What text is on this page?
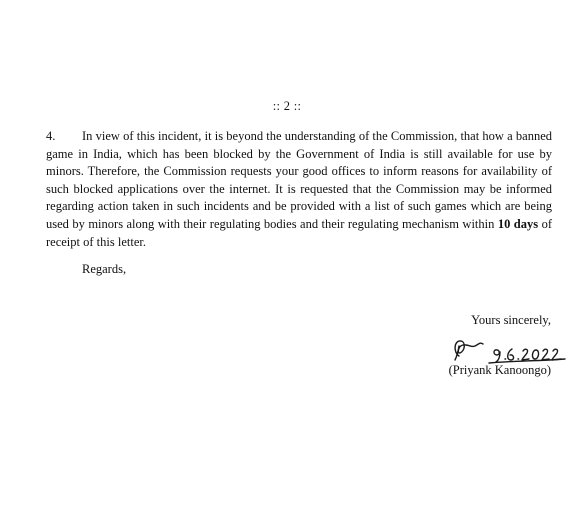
:: 2 ::

4. In view of this incident, it is beyond the understanding of the Commission, that how a banned game in India, which has been blocked by the Government of India is still available for use by minors. Therefore, the Commission requests your good offices to inform reasons for availability of such blocked applications over the internet. It is requested that the Commission may be informed regarding action taken in such incidents and be provided with a list of such games which are being used by minors along with their regulating bodies and their regulating mechanism within 10 days of receipt of this letter.

Regards,
Yours sincerely,
(Priyank Kanoongo)
